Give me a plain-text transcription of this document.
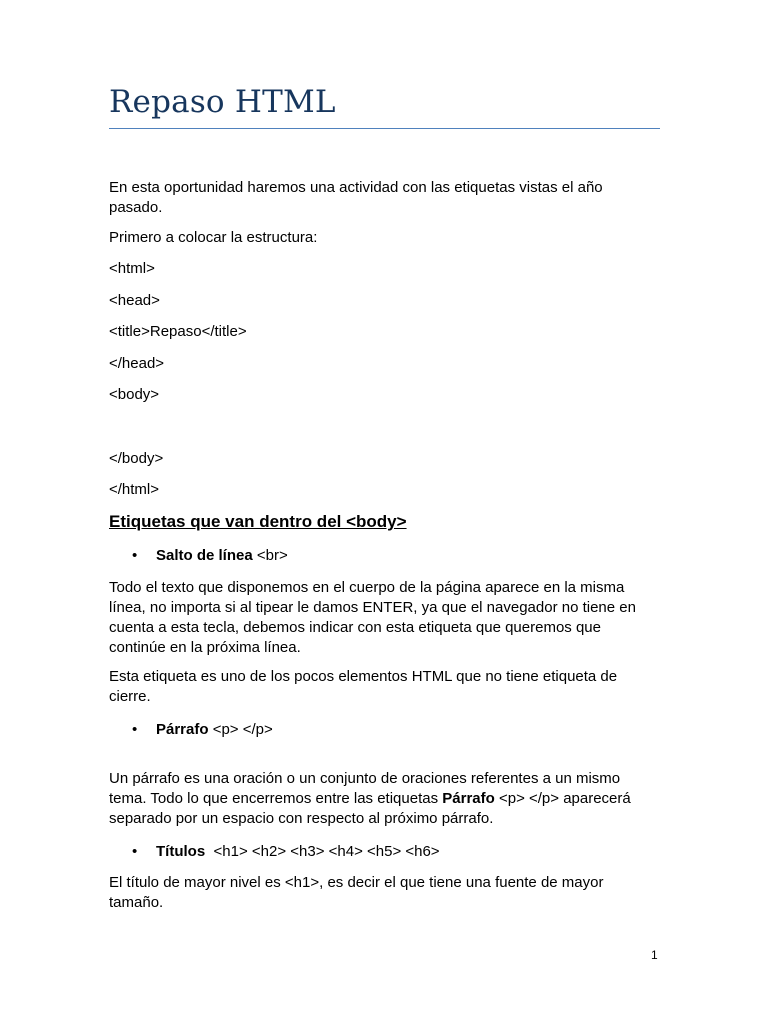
Repaso HTML

En esta oportunidad haremos una actividad con las etiquetas vistas el año pasado.

Primero a colocar la estructura:

<html>

<head>

<title>Repaso</title>

</head>

<body>

</body>

</html>

Etiquetas que van dentro del <body>
• Salto de línea <br>

Todo el texto que disponemos en el cuerpo de la página aparece en la misma línea, no importa si al tipear le damos ENTER, ya que el navegador no tiene en cuenta a esta tecla, debemos indicar con esta etiqueta que queremos que continúe en la próxima línea.

Esta etiqueta es uno de los pocos elementos HTML que no tiene etiqueta de cierre.

• Párrafo <p> </p>

Un párrafo es una oración o un conjunto de oraciones referentes a un mismo tema. Todo lo que encerremos entre las etiquetas Párrafo <p> </p> aparecerá separado por un espacio con respecto al próximo párrafo.

• Títulos  <h1> <h2> <h3> <h4> <h5> <h6>

El título de mayor nivel es <h1>, es decir el que tiene una fuente de mayor tamaño.

1
